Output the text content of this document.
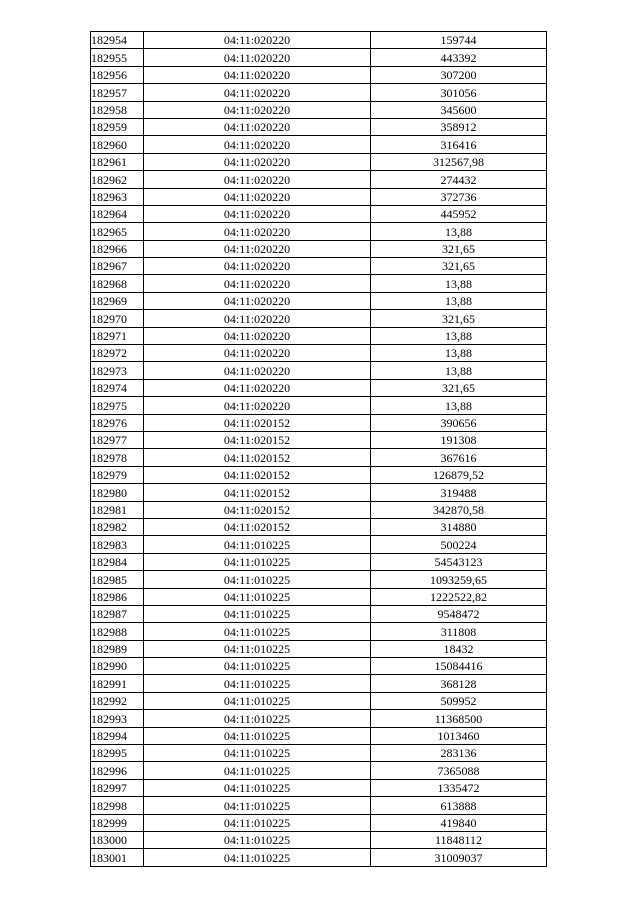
182954	04:11:020220	159744
182955	04:11:020220	443392
182956	04:11:020220	307200
182957	04:11:020220	301056
182958	04:11:020220	345600
182959	04:11:020220	358912
182960	04:11:020220	316416
182961	04:11:020220	312567,98
182962	04:11:020220	274432
182963	04:11:020220	372736
182964	04:11:020220	445952
182965	04:11:020220	13,88
182966	04:11:020220	321,65
182967	04:11:020220	321,65
182968	04:11:020220	13,88
182969	04:11:020220	13,88
182970	04:11:020220	321,65
182971	04:11:020220	13,88
182972	04:11:020220	13,88
182973	04:11:020220	13,88
182974	04:11:020220	321,65
182975	04:11:020220	13,88
182976	04:11:020152	390656
182977	04:11:020152	191308
182978	04:11:020152	367616
182979	04:11:020152	126879,52
182980	04:11:020152	319488
182981	04:11:020152	342870,58
182982	04:11:020152	314880
182983	04:11:010225	500224
182984	04:11:010225	54543123
182985	04:11:010225	1093259,65
182986	04:11:010225	1222522,82
182987	04:11:010225	9548472
182988	04:11:010225	311808
182989	04:11:010225	18432
182990	04:11:010225	15084416
182991	04:11:010225	368128
182992	04:11:010225	509952
182993	04:11:010225	11368500
182994	04:11:010225	1013460
182995	04:11:010225	283136
182996	04:11:010225	7365088
182997	04:11:010225	1335472
182998	04:11:010225	613888
182999	04:11:010225	419840
183000	04:11:010225	11848112
183001	04:11:010225	31009037
